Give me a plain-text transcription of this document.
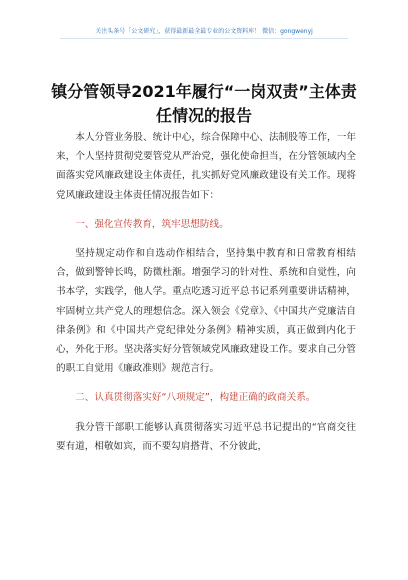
关注头条号「公文研究」，获得最新最全最专业的公文资料库！ 微信：gongwenyj
镇分管领导2021年履行“一岗双责”主体责任情况的报告

本人分管业务股、统计中心，综合保障中心、法制股等工作，一年来，个人坚持贯彻党要管党从严治党，强化使命担当，在分管领域内全面落实党风廉政建设主体责任，扎实抓好党风廉政建设有关工作。现将党风廉政建设主体责任情况报告如下：

一、强化宣传教育，筑牢思想防线。

坚持规定动作和自选动作相结合，坚持集中教育和日常教育相结合，做到警钟长鸣，防微杜渐。增强学习的针对性、系统和自觉性，向书本学，实践学，他人学。重点吃透习近平总书记系列重要讲话精神，牢固树立共产党人的理想信念。深入领会《党章》、《中国共产党廉洁自律条例》和《中国共产党纪律处分条例》精神实质，真正做到内化于心，外化于形。坚决落实好分管领域党风廉政建设工作。要求自己分管的职工自觉用《廉政准则》规范言行。

二、认真贯彻落实好“八项规定”，构建正确的政商关系。

我分管干部职工能够认真贯彻落实习近平总书记提出的“官商交往要有道，相敬如宾，而不要勾肩搭背、不分彼此，
